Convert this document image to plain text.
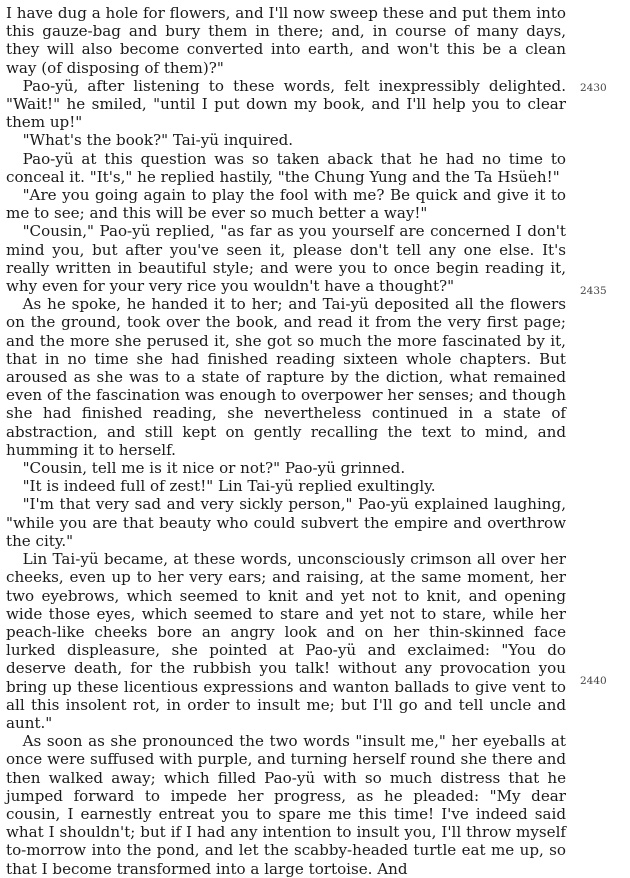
I have dug a hole for flowers, and I'll now sweep these and put them into this gauze-bag and bury them in there; and, in course of many days, they will also become converted into earth, and won't this be a clean way (of disposing of them)?"

Pao-yü, after listening to these words, felt inexpressibly delighted. "Wait!" he smiled, "until I put down my book, and I'll help you to clear them up!"

"What's the book?" Tai-yü inquired.

Pao-yü at this question was so taken aback that he had no time to conceal it. "It's," he replied hastily, "the Chung Yung and the Ta Hsüeh!"

"Are you going again to play the fool with me? Be quick and give it to me to see; and this will be ever so much better a way!"

"Cousin," Pao-yü replied, "as far as you yourself are concerned I don't mind you, but after you've seen it, please don't tell any one else. It's really written in beautiful style; and were you to once begin reading it, why even for your very rice you wouldn't have a thought?"

As he spoke, he handed it to her; and Tai-yü deposited all the flowers on the ground, took over the book, and read it from the very first page; and the more she perused it, she got so much the more fascinated by it, that in no time she had finished reading sixteen whole chapters. But aroused as she was to a state of rapture by the diction, what remained even of the fascination was enough to overpower her senses; and though she had finished reading, she nevertheless continued in a state of abstraction, and still kept on gently recalling the text to mind, and humming it to herself.

"Cousin, tell me is it nice or not?" Pao-yü grinned.

"It is indeed full of zest!" Lin Tai-yü replied exultingly.

"I'm that very sad and very sickly person," Pao-yü explained laughing, "while you are that beauty who could subvert the empire and overthrow the city."

Lin Tai-yü became, at these words, unconsciously crimson all over her cheeks, even up to her very ears; and raising, at the same moment, her two eyebrows, which seemed to knit and yet not to knit, and opening wide those eyes, which seemed to stare and yet not to stare, while her peach-like cheeks bore an angry look and on her thin-skinned face lurked displeasure, she pointed at Pao-yü and exclaimed: "You do deserve death, for the rubbish you talk! without any provocation you bring up these licentious expressions and wanton ballads to give vent to all this insolent rot, in order to insult me; but I'll go and tell uncle and aunt."

As soon as she pronounced the two words "insult me," her eyeballs at once were suffused with purple, and turning herself round she there and then walked away; which filled Pao-yü with so much distress that he jumped forward to impede her progress, as he pleaded: "My dear cousin, I earnestly entreat you to spare me this time! I've indeed said what I shouldn't; but if I had any intention to insult you, I'll throw myself to-morrow into the pond, and let the scabby-headed turtle eat me up, so that I become transformed into a large tortoise. And

2430
2435
2440
